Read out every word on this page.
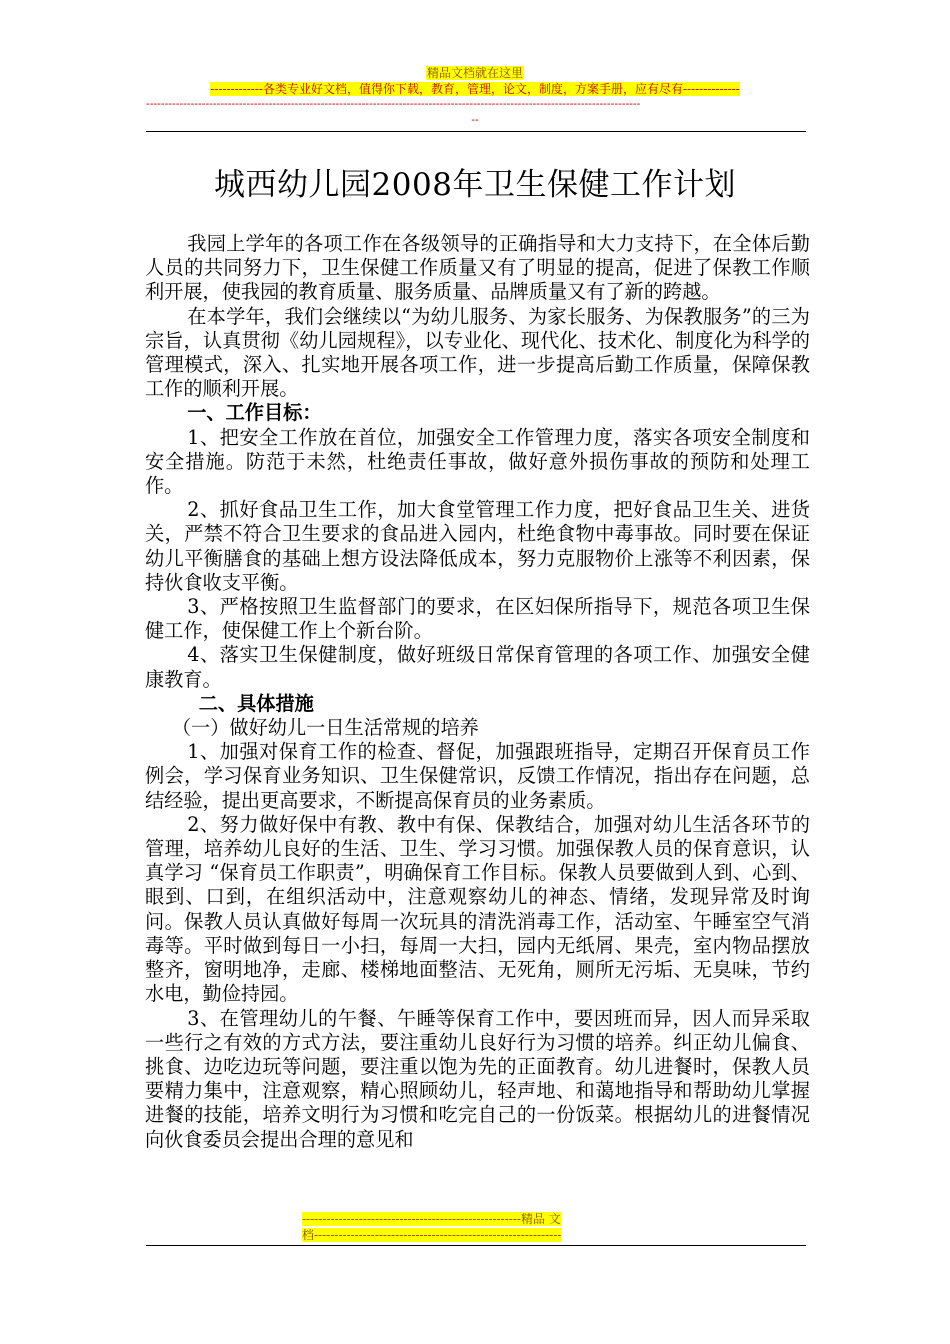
精品文档就在这里
-------------各类专业好文档，值得你下载，教育，管理，论文，制度，方案手册，应有尽有--------------
-------------------------------------------------------------------------------------------------------------------------------------
--
城西幼儿园2008年卫生保健工作计划

我园上学年的各项工作在各级领导的正确指导和大力支持下，在全体后勤人员的共同努力下，卫生保健工作质量又有了明显的提高，促进了保教工作顺利开展，使我园的教育质量、服务质量、品牌质量又有了新的跨越。

在本学年，我们会继续以“为幼儿服务、为家长服务、为保教服务”的三为宗旨，认真贯彻《幼儿园规程》，以专业化、现代化、技术化、制度化为科学的管理模式，深入、扎实地开展各项工作，进一步提高后勤工作质量，保障保教工作的顺利开展。

一、工作目标：

1、把安全工作放在首位，加强安全工作管理力度，落实各项安全制度和安全措施。防范于未然，杜绝责任事故，做好意外损伤事故的预防和处理工作。

2、抓好食品卫生工作，加大食堂管理工作力度，把好食品卫生关、进货关，严禁不符合卫生要求的食品进入园内，杜绝食物中毒事故。同时要在保证幼儿平衡膳食的基础上想方设法降低成本，努力克服物价上涨等不利因素，保持伙食收支平衡。

3、严格按照卫生监督部门的要求，在区妇保所指导下，规范各项卫生保健工作，使保健工作上个新台阶。

4、落实卫生保健制度，做好班级日常保育管理的各项工作、加强安全健康教育。

二、具体措施

（一）做好幼儿一日生活常规的培养

1、加强对保育工作的检查、督促，加强跟班指导，定期召开保育员工作例会，学习保育业务知识、卫生保健常识，反馈工作情况，指出存在问题，总结经验，提出更高要求，不断提高保育员的业务素质。

2、努力做好保中有教、教中有保、保教结合，加强对幼儿生活各环节的管理，培养幼儿良好的生活、卫生、学习习惯。加强保教人员的保育意识，认真学习 “保育员工作职责”，明确保育工作目标。保教人员要做到人到、心到、眼到、口到，在组织活动中，注意观察幼儿的神态、情绪，发现异常及时询问。保教人员认真做好每周一次玩具的清洗消毒工作，活动室、午睡室空气消毒等。平时做到每日一小扫，每周一大扫，园内无纸屑、果壳，室内物品摆放整齐，窗明地净，走廊、楼梯地面整洁、无死角，厕所无污垢、无臭味，节约水电，勤俭持园。

3、在管理幼儿的午餐、午睡等保育工作中，要因班而异，因人而异采取一些行之有效的方式方法，要注重幼儿良好行为习惯的培养。纠正幼儿偏食、挑食、边吃边玩等问题，要注重以饱为先的正面教育。幼儿进餐时，保教人员要精力集中，注意观察，精心照顾幼儿，轻声地、和蔼地指导和帮助幼儿掌握进餐的技能，培养文明行为习惯和吃完自己的一份饭菜。根据幼儿的进餐情况向伙食委员会提出合理的意见和

------------------------------------------------------精品 文
档-------------------------------------------------------------
